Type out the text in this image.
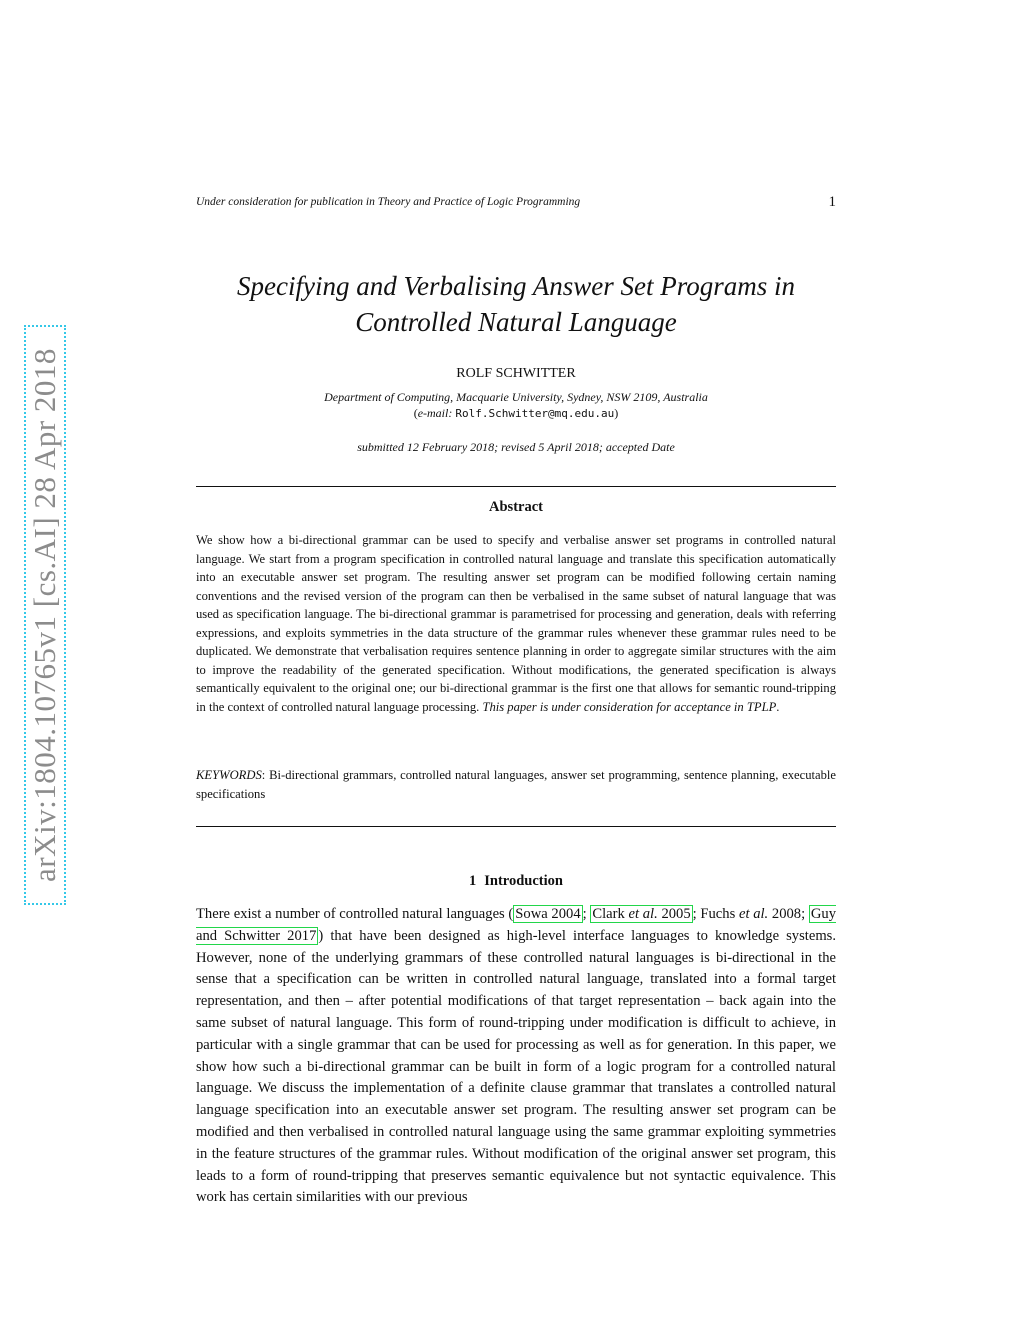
Under consideration for publication in Theory and Practice of Logic Programming	1
arXiv:1804.10765v1 [cs.AI] 28 Apr 2018
Specifying and Verbalising Answer Set Programs in
Controlled Natural Language
ROLF SCHWITTER
Department of Computing, Macquarie University, Sydney, NSW 2109, Australia
(e-mail: Rolf.Schwitter@mq.edu.au)
submitted 12 February 2018; revised 5 April 2018; accepted Date
Abstract
We show how a bi-directional grammar can be used to specify and verbalise answer set programs in controlled natural language. We start from a program specification in controlled natural language and translate this specification automatically into an executable answer set program. The resulting answer set program can be modified following certain naming conventions and the revised version of the program can then be verbalised in the same subset of natural language that was used as specification language. The bi-directional grammar is parametrised for processing and generation, deals with referring expressions, and exploits symmetries in the data structure of the grammar rules whenever these grammar rules need to be duplicated. We demonstrate that verbalisation requires sentence planning in order to aggregate similar structures with the aim to improve the readability of the generated specification. Without modifications, the generated specification is always semantically equivalent to the original one; our bi-directional grammar is the first one that allows for semantic round-tripping in the context of controlled natural language processing. This paper is under consideration for acceptance in TPLP.
KEYWORDS: Bi-directional grammars, controlled natural languages, answer set programming, sentence planning, executable specifications
1 Introduction
There exist a number of controlled natural languages ( Sowa 2004 ; Clark et al. 2005 ; Fuchs et al. 2008; Guy and Schwitter 2017 ) that have been designed as high-level interface languages to knowledge systems. However, none of the underlying grammars of these controlled natural languages is bi-directional in the sense that a specification can be written in controlled natural language, translated into a formal target representation, and then – after potential modifications of that target representation – back again into the same subset of natural language. This form of round-tripping under modification is difficult to achieve, in particular with a single grammar that can be used for processing as well as for generation. In this paper, we show how such a bi-directional grammar can be built in form of a logic program for a controlled natural language. We discuss the implementation of a definite clause grammar that translates a controlled natural language specification into an executable answer set program. The resulting answer set program can be modified and then verbalised in controlled natural language using the same grammar exploiting symmetries in the feature structures of the grammar rules. Without modification of the original answer set program, this leads to a form of round-tripping that preserves semantic equivalence but not syntactic equivalence. This work has certain similarities with our previous
